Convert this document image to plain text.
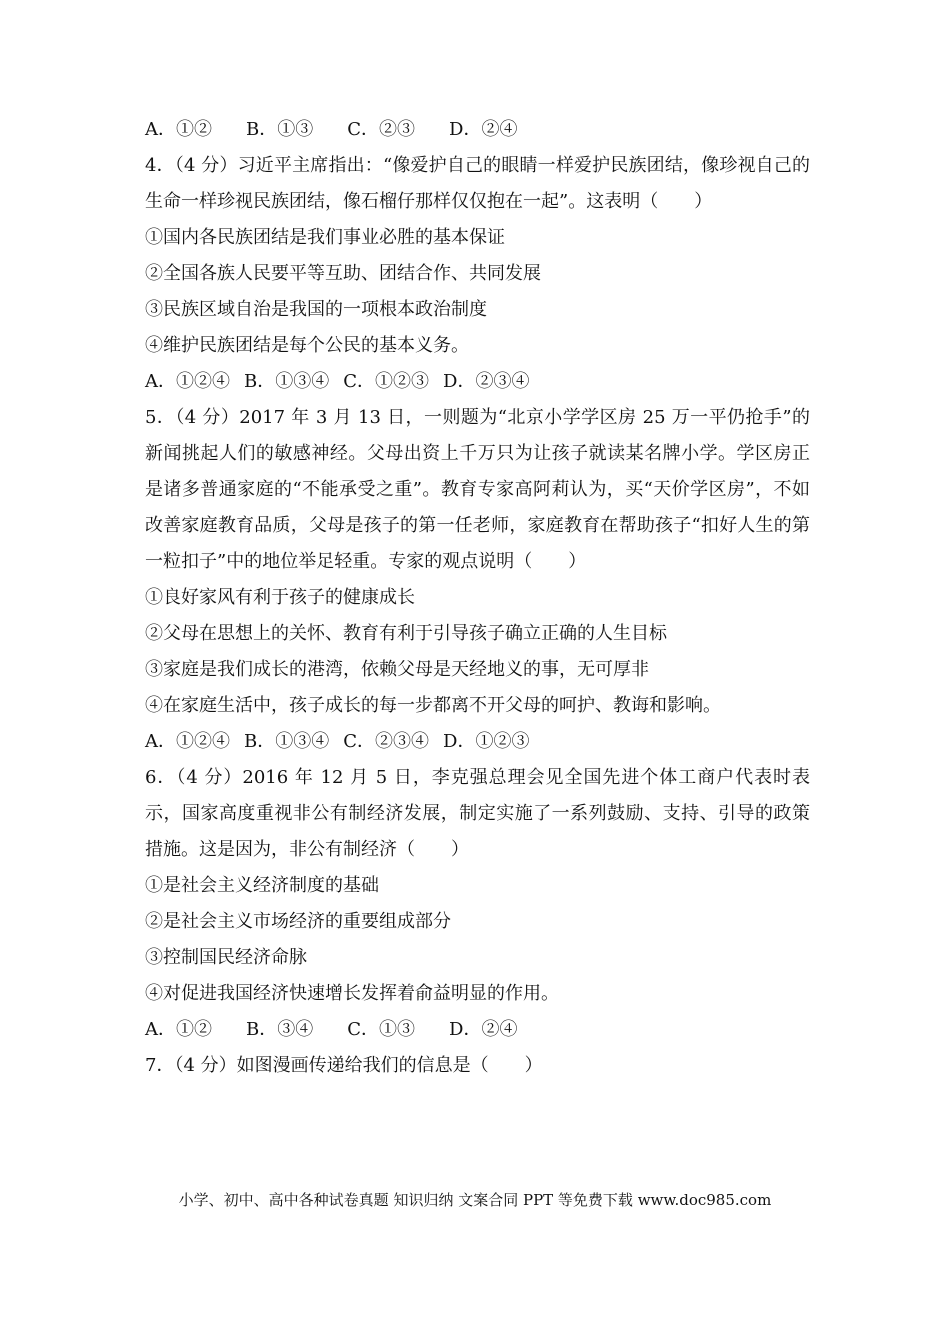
A．①② B．①③ C．②③ D．②④
4．（4 分）习近平主席指出：“像爱护自己的眼睛一样爱护民族团结，像珍视自己的生命一样珍视民族团结，像石榴仔那样仅仅抱在一起”。这表明（　　）
①国内各民族团结是我们事业必胜的基本保证
②全国各族人民要平等互助、团结合作、共同发展
③民族区域自治是我国的一项根本政治制度
④维护民族团结是每个公民的基本义务。
A．①②④ B．①③④ C．①②③ D．②③④
5．（4 分）2017 年 3 月 13 日，一则题为“北京小学学区房 25 万一平仍抢手”的新闻挑起人们的敏感神经。父母出资上千万只为让孩子就读某名牌小学。学区房正是诸多普通家庭的“不能承受之重”。教育专家高阿莉认为，买“天价学区房”，不如改善家庭教育品质，父母是孩子的第一任老师，家庭教育在帮助孩子“扣好人生的第一粒扣子”中的地位举足轻重。专家的观点说明（　　）
①良好家风有利于孩子的健康成长
②父母在思想上的关怀、教育有利于引导孩子确立正确的人生目标
③家庭是我们成长的港湾，依赖父母是天经地义的事，无可厚非
④在家庭生活中，孩子成长的每一步都离不开父母的呵护、教诲和影响。
A．①②④ B．①③④ C．②③④ D．①②③
6．（4 分）2016 年 12 月 5 日，李克强总理会见全国先进个体工商户代表时表示，国家高度重视非公有制经济发展，制定实施了一系列鼓励、支持、引导的政策措施。这是因为，非公有制经济（　　）
①是社会主义经济制度的基础
②是社会主义市场经济的重要组成部分
③控制国民经济命脉
④对促进我国经济快速增长发挥着俞益明显的作用。
A．①② B．③④ C．①③ D．②④
7．（4 分）如图漫画传递给我们的信息是（　　）
小学、初中、高中各种试卷真题 知识归纳 文案合同 PPT 等免费下载 www.doc985.com
